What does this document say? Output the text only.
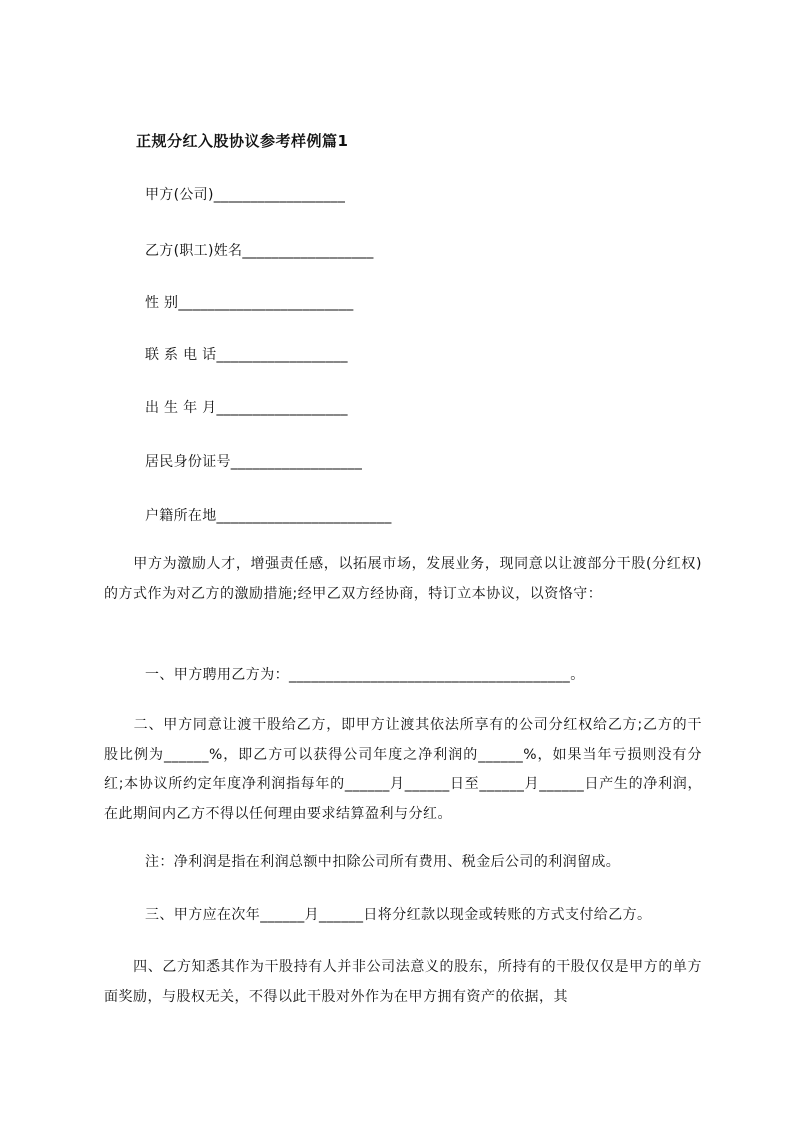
正规分红入股协议参考样例篇1
甲方(公司)__________________
乙方(职工)姓名__________________
性 别________________________
联 系 电 话__________________
出 生 年 月__________________
居民身份证号__________________
户籍所在地________________________
　　甲方为激励人才，增强责任感，以拓展市场，发展业务，现同意以让渡部分干股(分红权)的方式作为对乙方的激励措施;经甲乙双方经协商，特订立本协议，以资恪守：
一、甲方聘用乙方为：______________________________________。
　　二、甲方同意让渡干股给乙方，即甲方让渡其依法所享有的公司分红权给乙方;乙方的干股比例为______%，即乙方可以获得公司年度之净利润的______%，如果当年亏损则没有分红;本协议所约定年度净利润指每年的______月______日至______月______日产生的净利润，在此期间内乙方不得以任何理由要求结算盈利与分红。
注：净利润是指在利润总额中扣除公司所有费用、税金后公司的利润留成。
三、甲方应在次年______月______日将分红款以现金或转账的方式支付给乙方。
　　四、乙方知悉其作为干股持有人并非公司法意义的股东，所持有的干股仅仅是甲方的单方面奖励，与股权无关，不得以此干股对外作为在甲方拥有资产的依据，其
